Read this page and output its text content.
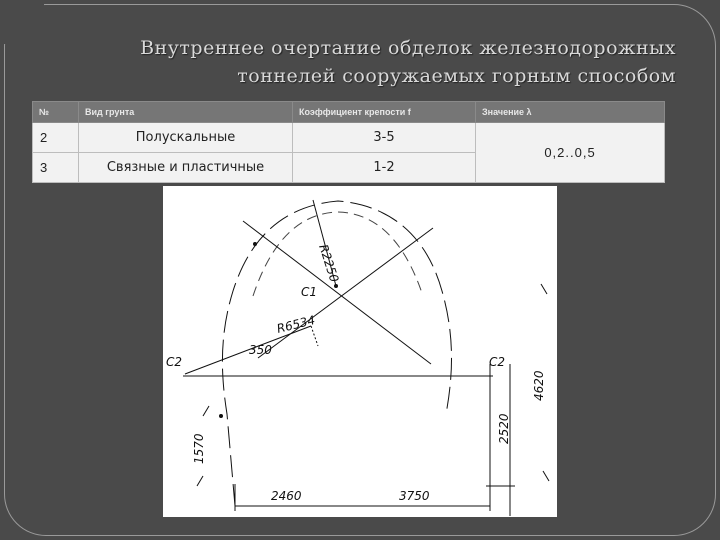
Внутреннее очертание обделок железнодорожных
тоннелей сооружаемых горным способом
№	Вид грунта	Коэффициент крепости f	Значение λ
2	Полускальные	3-5	0,2..0,5
3	Связные и пластичные	1-2	
R2250
C1
R6534
350
C2	C2
4620
2520
1570
2460	3750
